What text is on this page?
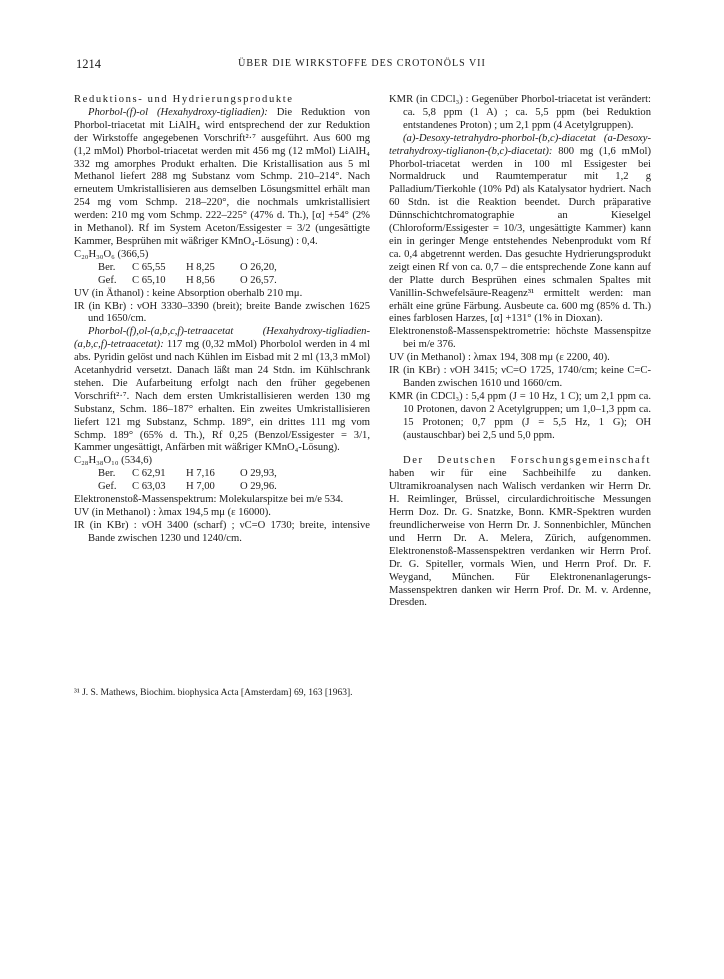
1214	ÜBER DIE WIRKSTOFFE DES CROTONÖLS VII

Reduktions- und Hydrierungsprodukte

Phorbol-(f)-ol (Hexahydroxy-tigliadien): Die Reduktion von Phorbol-triacetat mit LiAlH₄ wird entsprechend der zur Reduktion der Wirkstoffe angegebenen Vorschrift²·⁷ ausgeführt. Aus 600 mg (1,2 mMol) Phorbol-triacetat werden mit 456 mg (12 mMol) LiAlH₄ 332 mg amorphes Produkt erhalten. Die Kristallisation aus 5 ml Methanol liefert 288 mg Substanz vom Schmp. 210–214°. Nach erneutem Umkristallisieren aus demselben Lösungsmittel erhält man 254 mg vom Schmp. 218–220°, die nochmals umkristallisiert werden: 210 mg vom Schmp. 222–225° (47% d. Th.), [α] +54° (2% in Methanol). Rf im System Aceton/Essigester = 3/2 (ungesättigte Kammer, Besprühen mit wäßriger KMnO₄-Lösung) : 0,4.

C₂₀H₃₀O₆ (366,5)

Ber. C 65,55 H 8,25 O 26,20,
Gef. C 65,10 H 8,56 O 26,57.

UV (in Äthanol) : keine Absorption oberhalb 210 mμ.

IR (in KBr) : νOH 3330–3390 (breit); breite Bande zwischen 1625 und 1650/cm.

Phorbol-(f),ol-(a,b,c,f)-tetraacetat (Hexahydroxy-tigliadien-(a,b,c,f)-tetraacetat): 117 mg (0,32 mMol) Phorbolol werden in 4 ml abs. Pyridin gelöst und nach Kühlen im Eisbad mit 2 ml (13,3 mMol) Acetanhydrid versetzt. Danach läßt man 24 Stdn. im Kühlschrank stehen. Die Aufarbeitung erfolgt nach den früher gegebenen Vorschrift²·⁷. Nach dem ersten Umkristallisieren werden 130 mg Substanz, Schm. 186–187° erhalten. Ein zweites Umkristallisieren liefert 121 mg Substanz, Schmp. 189°, ein drittes 111 mg vom Schmp. 189° (65% d. Th.), Rf 0,25 (Benzol/Essigester = 3/1, Kammer ungesättigt, Anfärben mit wäßriger KMnO₄-Lösung).

C₂₈H₃₈O₁₀ (534,6)

Ber. C 62,91 H 7,16 O 29,93,
Gef. C 63,03 H 7,00 O 29,96.

Elektronenstoß-Massenspektrum: Molekularspitze bei m/e 534.

UV (in Methanol) : λmax 194,5 mμ (ε 16000).

IR (in KBr) : νOH 3400 (scharf) ; νC=O 1730; breite, intensive Bande zwischen 1230 und 1240/cm.

KMR (in CDCl₃) : Gegenüber Phorbol-triacetat ist verändert: ca. 5,8 ppm (1 A) ; ca. 5,5 ppm (bei Reduktion entstandenes Proton) ; um 2,1 ppm (4 Acetylgruppen).

(a)-Desoxy-tetrahydro-phorbol-(b,c)-diacetat (a-Desoxy-tetrahydroxy-tiglianon-(b,c)-diacetat): 800 mg (1,6 mMol) Phorbol-triacetat werden in 100 ml Essigester bei Normaldruck und Raumtemperatur mit 1,2 g Palladium/Tierkohle (10% Pd) als Katalysator hydriert. Nach 60 Stdn. ist die Reaktion beendet. Durch präparative Dünnschichtchromatographie an Kieselgel (Chloroform/Essigester = 10/3, ungesättigte Kammer) kann ein in geringer Menge entstehendes Nebenprodukt vom Rf ca. 0,4 abgetrennt werden. Das gesuchte Hydrierungsprodukt zeigt einen Rf von ca. 0,7 – die entsprechende Zone kann auf der Platte durch Besprühen eines schmalen Spaltes mit Vanillin-Schwefelsäure-Reagenz³¹ ermittelt werden: man erhält eine grüne Färbung. Ausbeute ca. 600 mg (85% d. Th.) eines farblosen Harzes, [α] +131° (1% in Dioxan).

Elektronenstoß-Massenspektrometrie: höchste Massenspitze bei m/e 376.

UV (in Methanol) : λmax 194, 308 mμ (ε 2200, 40).

IR (in KBr) : νOH 3415; νC=O 1725, 1740/cm; keine C=C-Banden zwischen 1610 und 1660/cm.

KMR (in CDCl₃) : 5,4 ppm (J = 10 Hz, 1 C); um 2,1 ppm ca. 10 Protonen, davon 2 Acetylgruppen; um 1,0–1,3 ppm ca. 15 Protonen; 0,7 ppm (J = 5,5 Hz, 1 G); OH (austauschbar) bei 2,5 und 5,0 ppm.

Der Deutschen Forschungsgemeinschaft haben wir für eine Sachbeihilfe zu danken. Ultramikroanalysen nach Walisch verdanken wir Herrn Dr. H. Reimlinger, Brüssel, circulardichroitische Messungen Herrn Doz. Dr. G. Snatzke, Bonn. KMR-Spektren wurden freundlicherweise von Herrn Dr. J. Sonnenbichler, München und Herrn Dr. A. Melera, Zürich, aufgenommen. Elektronenstoß-Massenspektren verdanken wir Herrn Prof. Dr. G. Spiteller, vormals Wien, und Herrn Prof. Dr. F. Weygand, München. Für Elektronenanlagerungs-Massenspektren danken wir Herrn Prof. Dr. M. v. Ardenne, Dresden.

³¹ J. S. Mathews, Biochim. biophysica Acta [Amsterdam] 69, 163 [1963].
